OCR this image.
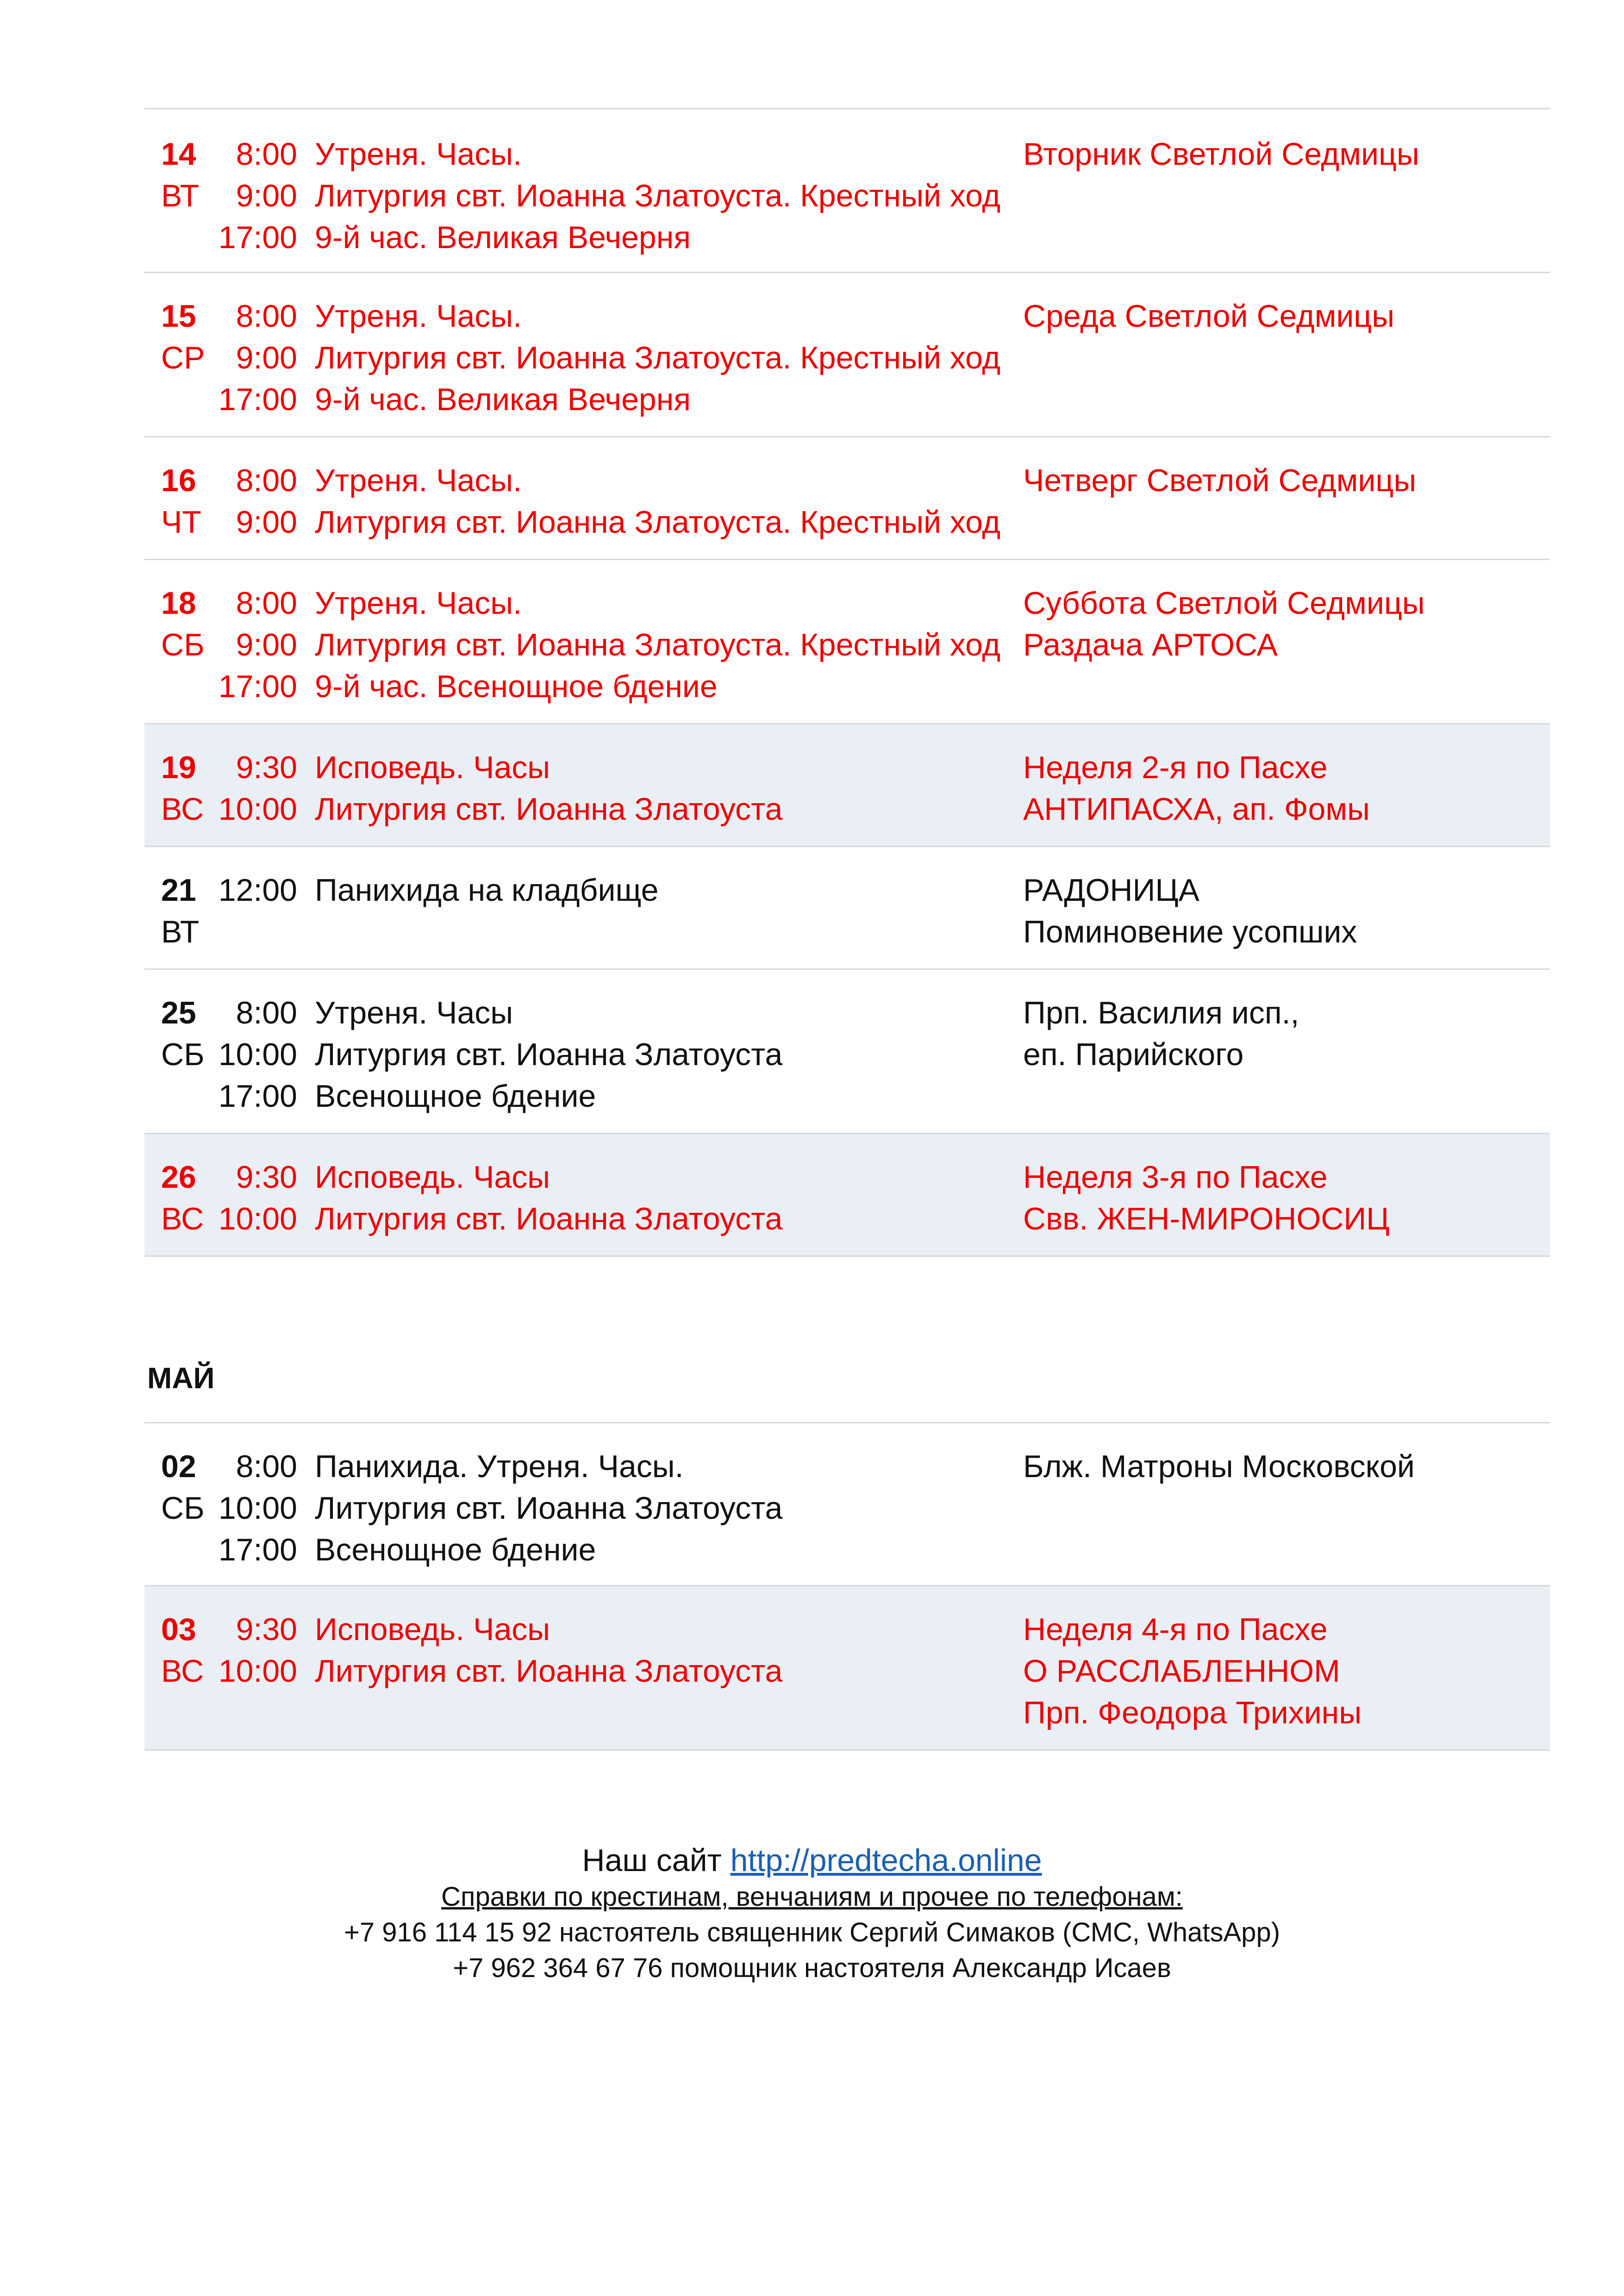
14
ВТ
8:00
9:00
17:00
Утреня. Часы.
Литургия свт. Иоанна Златоуста. Крестный ход
9-й час. Великая Вечерня
Вторник Светлой Седмицы
15
СР
8:00
9:00
17:00
Утреня. Часы.
Литургия свт. Иоанна Златоуста. Крестный ход
9-й час. Великая Вечерня
Среда Светлой Седмицы
16
ЧТ
8:00
9:00
Утреня. Часы.
Литургия свт. Иоанна Златоуста. Крестный ход
Четверг Светлой Седмицы
18
СБ
8:00
9:00
17:00
Утреня. Часы.
Литургия свт. Иоанна Златоуста. Крестный ход
9-й час. Всенощное бдение
Суббота Светлой Седмицы
Раздача АРТОСА
19
ВС
9:30
10:00
Исповедь. Часы
Литургия свт. Иоанна Златоуста
Неделя 2-я по Пасхе
АНТИПАСХА, ап. Фомы
21
ВТ
12:00 Панихида на кладбище	РАДОНИЦА
Поминовение усопших
25
СБ
8:00
10:00
17:00
Утреня. Часы
Литургия свт. Иоанна Златоуста
Всенощное бдение
Прп. Василия исп.,
еп. Парийского
26
ВС
9:30
10:00
Исповедь. Часы
Литургия свт. Иоанна Златоуста
Неделя 3-я по Пасхе
Свв. ЖЕН-МИРОНОСИЦ
МАЙ
02
СБ
8:00
10:00
17:00
Панихида. Утреня. Часы.
Литургия свт. Иоанна Златоуста
Всенощное бдение
Блж. Матроны Московской
03
ВС
9:30
10:00
Исповедь. Часы
Литургия свт. Иоанна Златоуста
Неделя 4-я по Пасхе
О РАССЛАБЛЕННОМ
Прп. Феодора Трихины
Наш сайт http://predtecha.online
Справки по крестинам, венчаниям и прочее по телефонам:
+7 916 114 15 92 настоятель священник Сергий Симаков (СМС, WhatsApp)
+7 962 364 67 76 помощник настоятеля Александр Исаев
